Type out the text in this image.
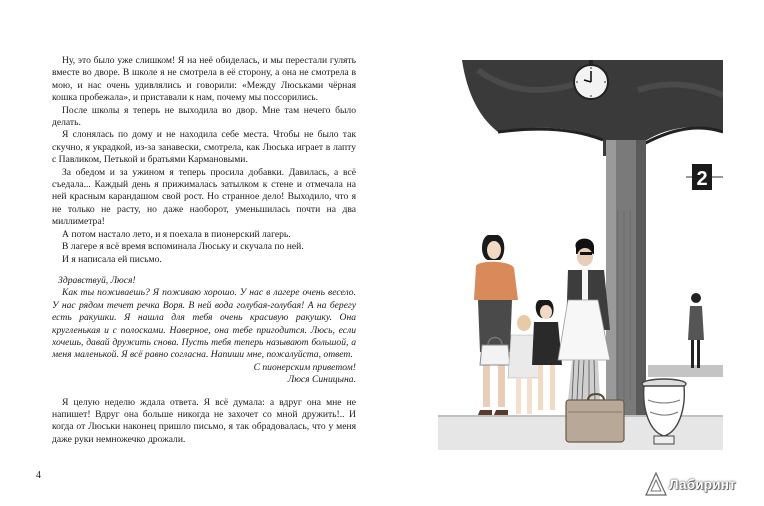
Ну, это было уже слишком! Я на неё обиделась, и мы перестали гулять вместе во дворе. В школе я не смотрела в её сторону, а она не смотрела в мою, и нас очень удивлялись и говорили: «Между Люськами чёрная кошка пробежала», и приставали к нам, почему мы поссорились.

После школы я теперь не выходила во двор. Мне там нечего было делать.

Я слонялась по дому и не находила себе места. Чтобы не было так скучно, я украдкой, из-за занавески, смотрела, как Люська играет в лапту с Павликом, Петькой и братьями Кармановыми.

За обедом и за ужином я теперь просила добавки. Давилась, а всё съедала... Каждый день я прижималась затылком к стене и отмечала на ней красным карандашом свой рост. Но странное дело! Выходило, что я не только не расту, но даже наоборот, уменьшилась почти на два миллиметра!

А потом настало лето, и я поехала в пионерский лагерь.

В лагере я всё время вспоминала Люську и скучала по ней.

И я написала ей письмо.

Здравствуй, Люся!

Как ты поживаешь? Я поживаю хорошо. У нас в лагере очень весело. У нас рядом течет речка Воря. В ней вода голубая-голубая! А на берегу есть ракушки. Я нашла для тебя очень красивую ракушку. Она кругленькая и с полосками. Наверное, она тебе пригодится. Люсь, если хочешь, давай дружить снова. Пусть тебя теперь называют большой, а меня маленькой. Я всё равно согласна. Напиши мне, пожалуйста, ответ.

С пионерским приветом!

Люся Синицына.

Я целую неделю ждала ответа. Я всё думала: а вдруг она мне не напишет! Вдруг она больше никогда не захочет со мной дружить!.. И когда от Люськи наконец пришло письмо, я так обрадовалась, что у меня даже руки немножечко дрожали.

4
2
Лабиринт
